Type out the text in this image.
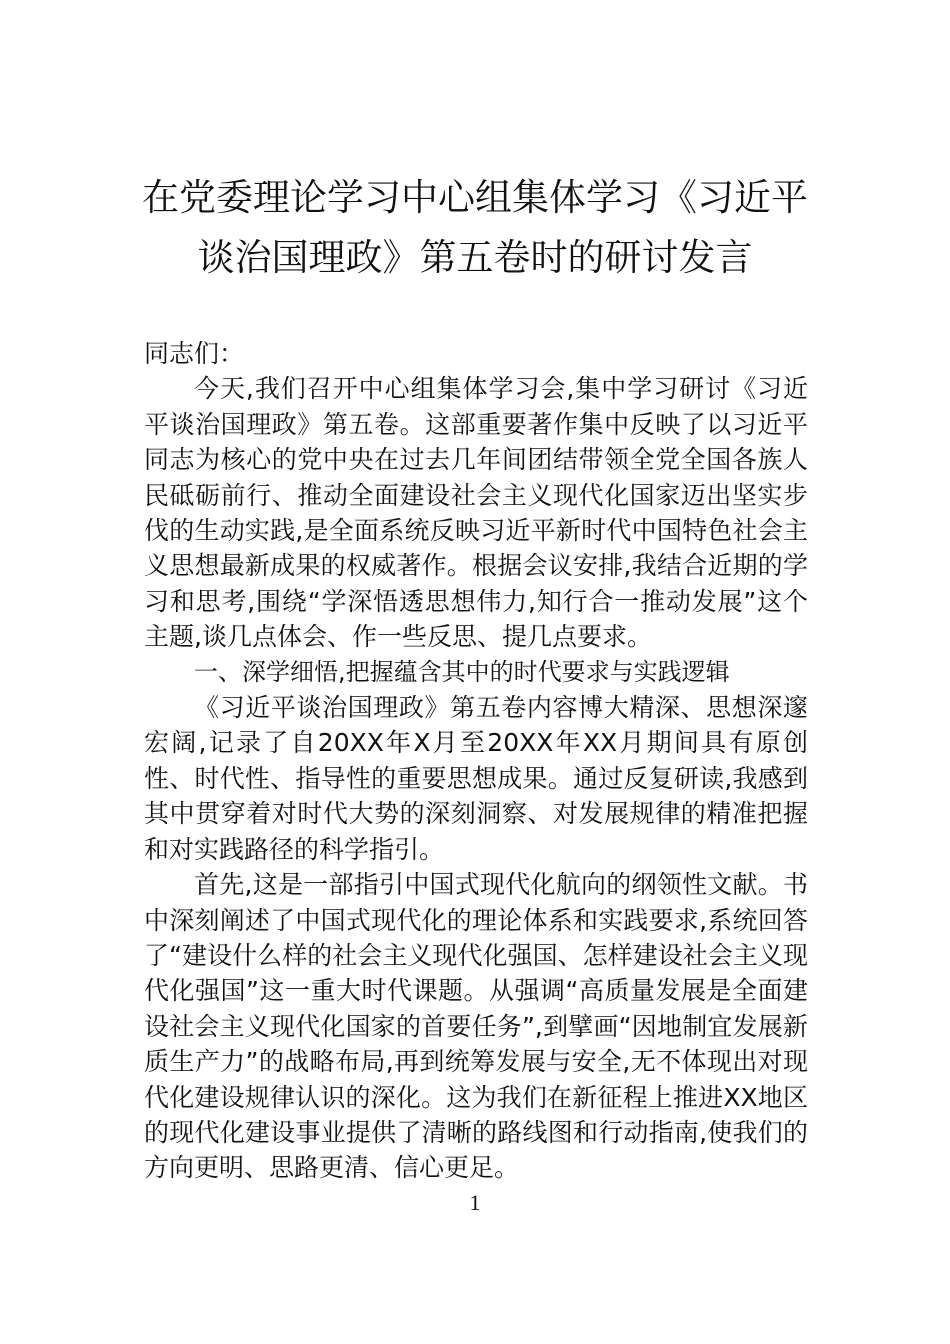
在党委理论学习中心组集体学习《习近平
谈治国理政》第五卷时的研讨发言

同志们：

今天,我们召开中心组集体学习会,集中学习研讨《习近平谈治国理政》第五卷。这部重要著作集中反映了以习近平同志为核心的党中央在过去几年间团结带领全党全国各族人民砥砺前行、推动全面建设社会主义现代化国家迈出坚实步伐的生动实践,是全面系统反映习近平新时代中国特色社会主义思想最新成果的权威著作。根据会议安排,我结合近期的学习和思考,围绕“学深悟透思想伟力,知行合一推动发展”这个主题,谈几点体会、作一些反思、提几点要求。

一、深学细悟,把握蕴含其中的时代要求与实践逻辑

《习近平谈治国理政》第五卷内容博大精深、思想深邃宏阔,记录了自20XX年X月至20XX年XX月期间具有原创性、时代性、指导性的重要思想成果。通过反复研读,我感到其中贯穿着对时代大势的深刻洞察、对发展规律的精准把握和对实践路径的科学指引。

首先,这是一部指引中国式现代化航向的纲领性文献。书中深刻阐述了中国式现代化的理论体系和实践要求,系统回答了“建设什么样的社会主义现代化强国、怎样建设社会主义现代化强国”这一重大时代课题。从强调“高质量发展是全面建设社会主义现代化国家的首要任务”,到擘画“因地制宜发展新质生产力”的战略布局,再到统筹发展与安全,无不体现出对现代化建设规律认识的深化。这为我们在新征程上推进XX地区的现代化建设事业提供了清晰的路线图和行动指南,使我们的方向更明、思路更清、信心更足。

1
